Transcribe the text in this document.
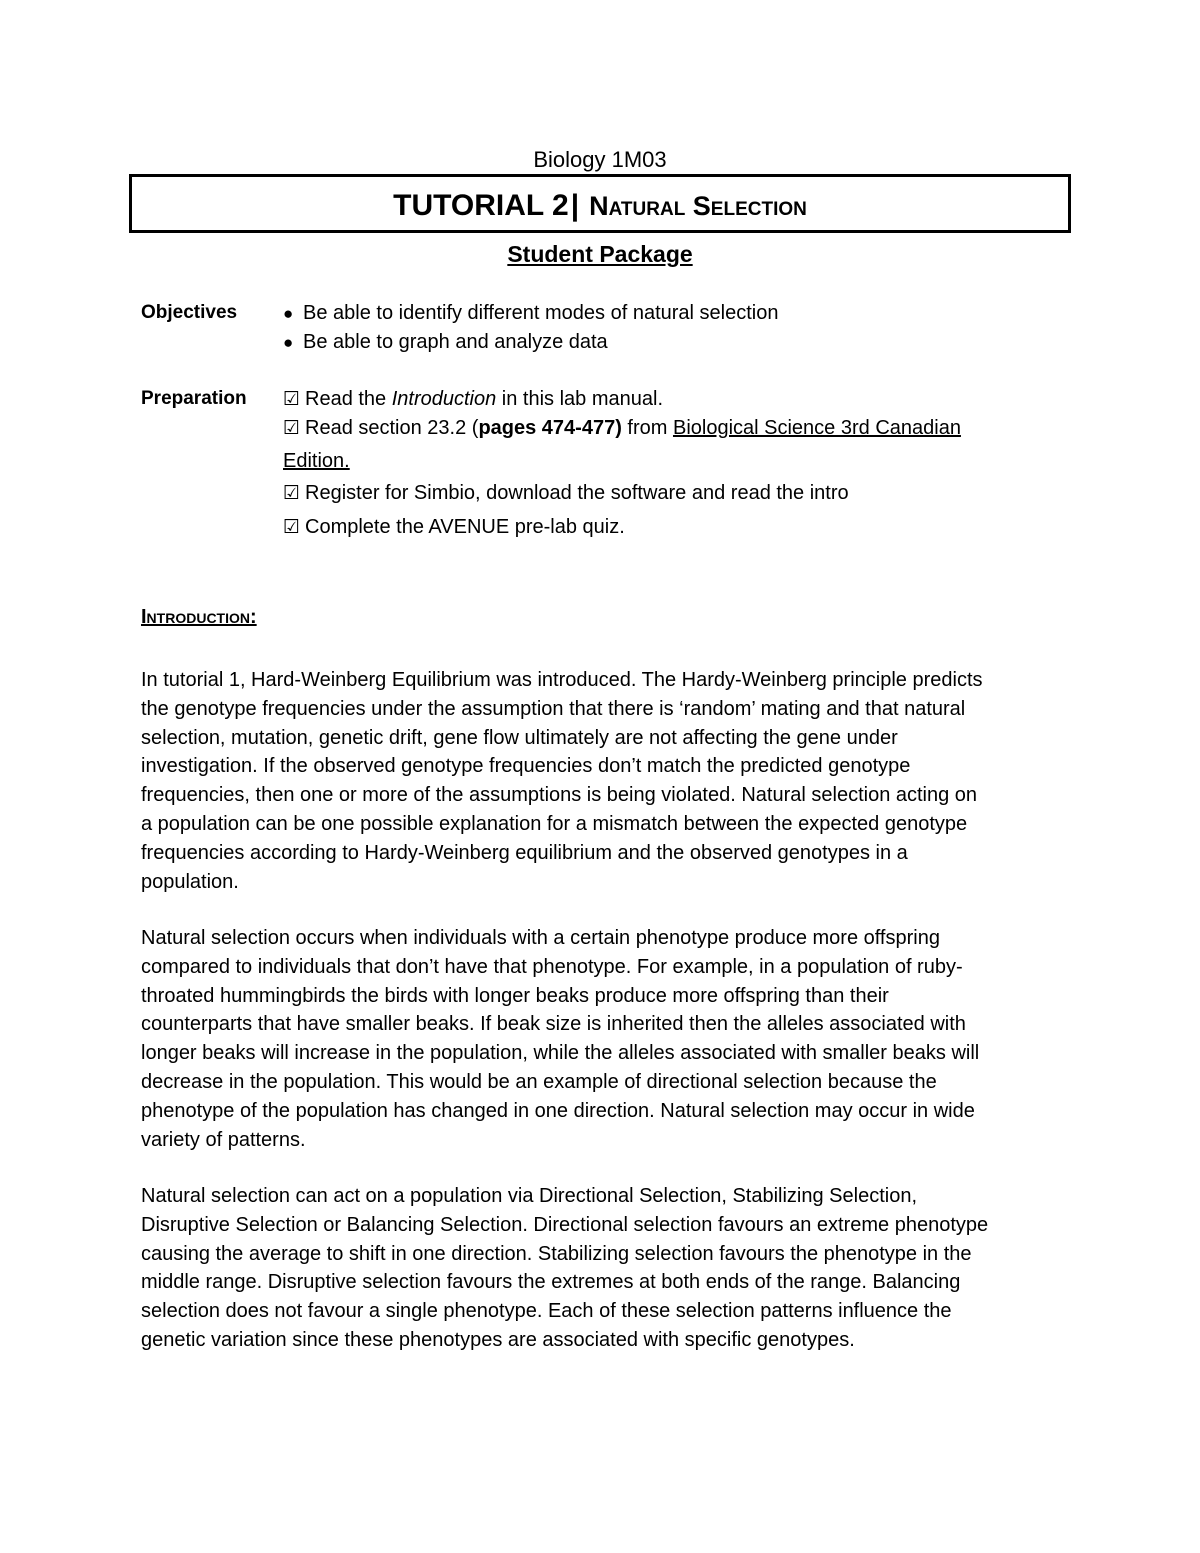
Biology 1M03
TUTORIAL 2| Natural Selection
Student Package
Objectives	● Be able to identify different modes of natural selection
● Be able to graph and analyze data
Preparation ☑ Read the Introduction in this lab manual.
☑ Read section 23.2 (pages 474-477) from Biological Science 3rd Canadian
Edition.
☑ Register for Simbio, download the software and read the intro
☑ Complete the AVENUE pre-lab quiz.
Introduction:
In tutorial 1, Hard-Weinberg Equilibrium was introduced. The Hardy-Weinberg principle predicts
the genotype frequencies under the assumption that there is ‘random’ mating and that natural
selection, mutation, genetic drift, gene flow ultimately are not affecting the gene under
investigation. If the observed genotype frequencies don’t match the predicted genotype
frequencies, then one or more of the assumptions is being violated. Natural selection acting on
a population can be one possible explanation for a mismatch between the expected genotype
frequencies according to Hardy-Weinberg equilibrium and the observed genotypes in a
population.
Natural selection occurs when individuals with a certain phenotype produce more offspring
compared to individuals that don’t have that phenotype. For example, in a population of ruby-
throated hummingbirds the birds with longer beaks produce more offspring than their
counterparts that have smaller beaks. If beak size is inherited then the alleles associated with
longer beaks will increase in the population, while the alleles associated with smaller beaks will
decrease in the population. This would be an example of directional selection because the
phenotype of the population has changed in one direction. Natural selection may occur in wide
variety of patterns.
Natural selection can act on a population via Directional Selection, Stabilizing Selection,
Disruptive Selection or Balancing Selection. Directional selection favours an extreme phenotype
causing the average to shift in one direction. Stabilizing selection favours the phenotype in the
middle range. Disruptive selection favours the extremes at both ends of the range. Balancing
selection does not favour a single phenotype. Each of these selection patterns influence the
genetic variation since these phenotypes are associated with specific genotypes.
